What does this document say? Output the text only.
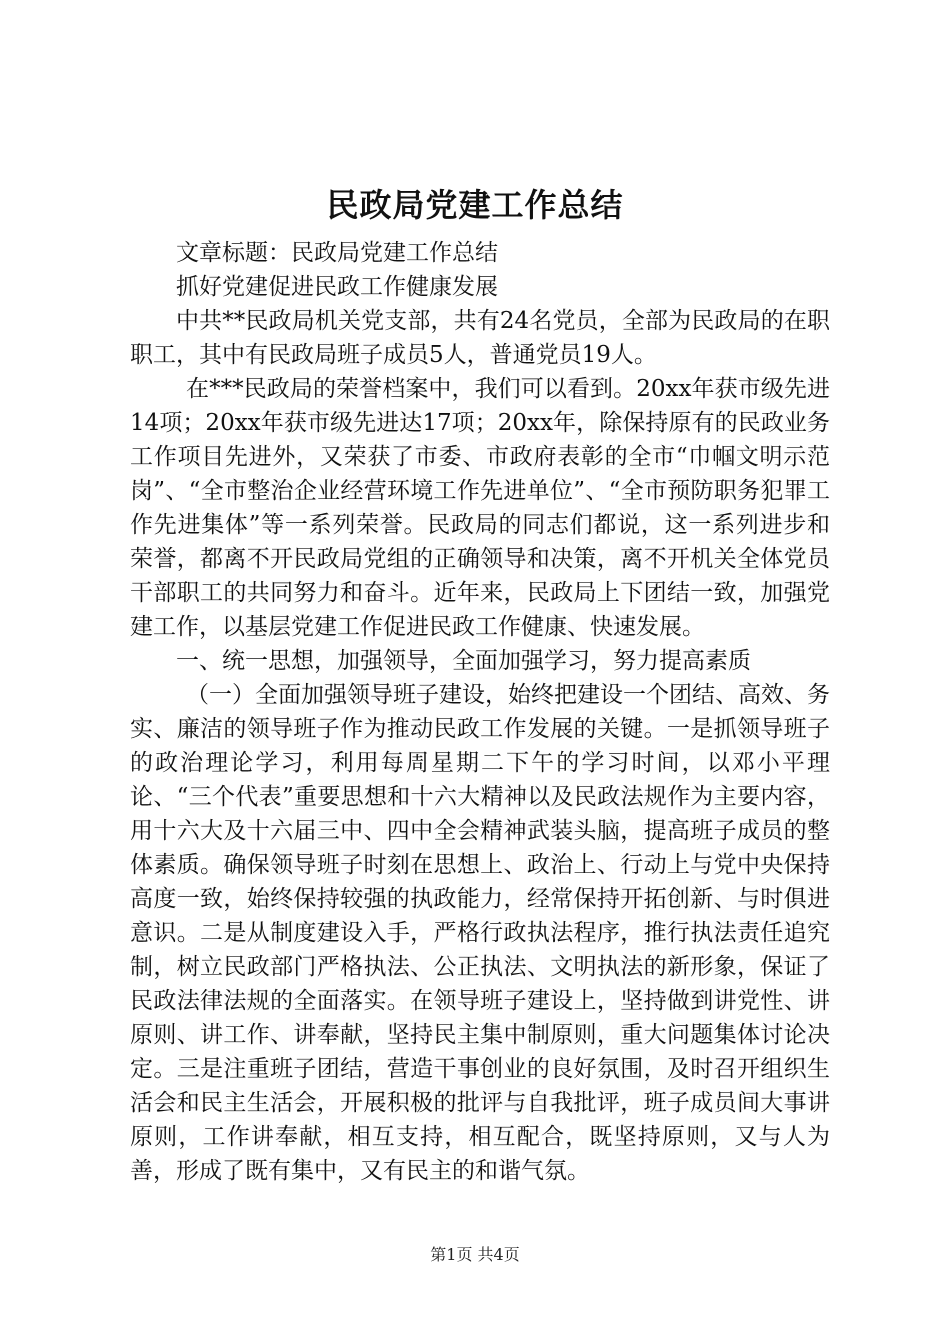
民政局党建工作总结

文章标题：民政局党建工作总结

抓好党建促进民政工作健康发展

中共**民政局机关党支部，共有24名党员，全部为民政局的在职职工，其中有民政局班子成员5人，普通党员19人。

在***民政局的荣誉档案中，我们可以看到。20xx年获市级先进14项；20xx年获市级先进达17项；20xx年，除保持原有的民政业务工作项目先进外，又荣获了市委、市政府表彰的全市“巾帼文明示范岗”、“全市整治企业经营环境工作先进单位”、“全市预防职务犯罪工作先进集体”等一系列荣誉。民政局的同志们都说，这一系列进步和荣誉，都离不开民政局党组的正确领导和决策，离不开机关全体党员干部职工的共同努力和奋斗。近年来，民政局上下团结一致，加强党建工作，以基层党建工作促进民政工作健康、快速发展。

一、统一思想，加强领导，全面加强学习，努力提高素质

（一）全面加强领导班子建设，始终把建设一个团结、高效、务实、廉洁的领导班子作为推动民政工作发展的关键。一是抓领导班子的政治理论学习，利用每周星期二下午的学习时间，以邓小平理论、“三个代表”重要思想和十六大精神以及民政法规作为主要内容，用十六大及十六届三中、四中全会精神武装头脑，提高班子成员的整体素质。确保领导班子时刻在思想上、政治上、行动上与党中央保持高度一致，始终保持较强的执政能力，经常保持开拓创新、与时俱进意识。二是从制度建设入手，严格行政执法程序，推行执法责任追究制，树立民政部门严格执法、公正执法、文明执法的新形象，保证了民政法律法规的全面落实。在领导班子建设上，坚持做到讲党性、讲原则、讲工作、讲奉献，坚持民主集中制原则，重大问题集体讨论决定。三是注重班子团结，营造干事创业的良好氛围，及时召开组织生活会和民主生活会，开展积极的批评与自我批评，班子成员间大事讲原则，工作讲奉献，相互支持，相互配合，既坚持原则，又与人为善，形成了既有集中，又有民主的和谐气氛。

第1页 共4页
